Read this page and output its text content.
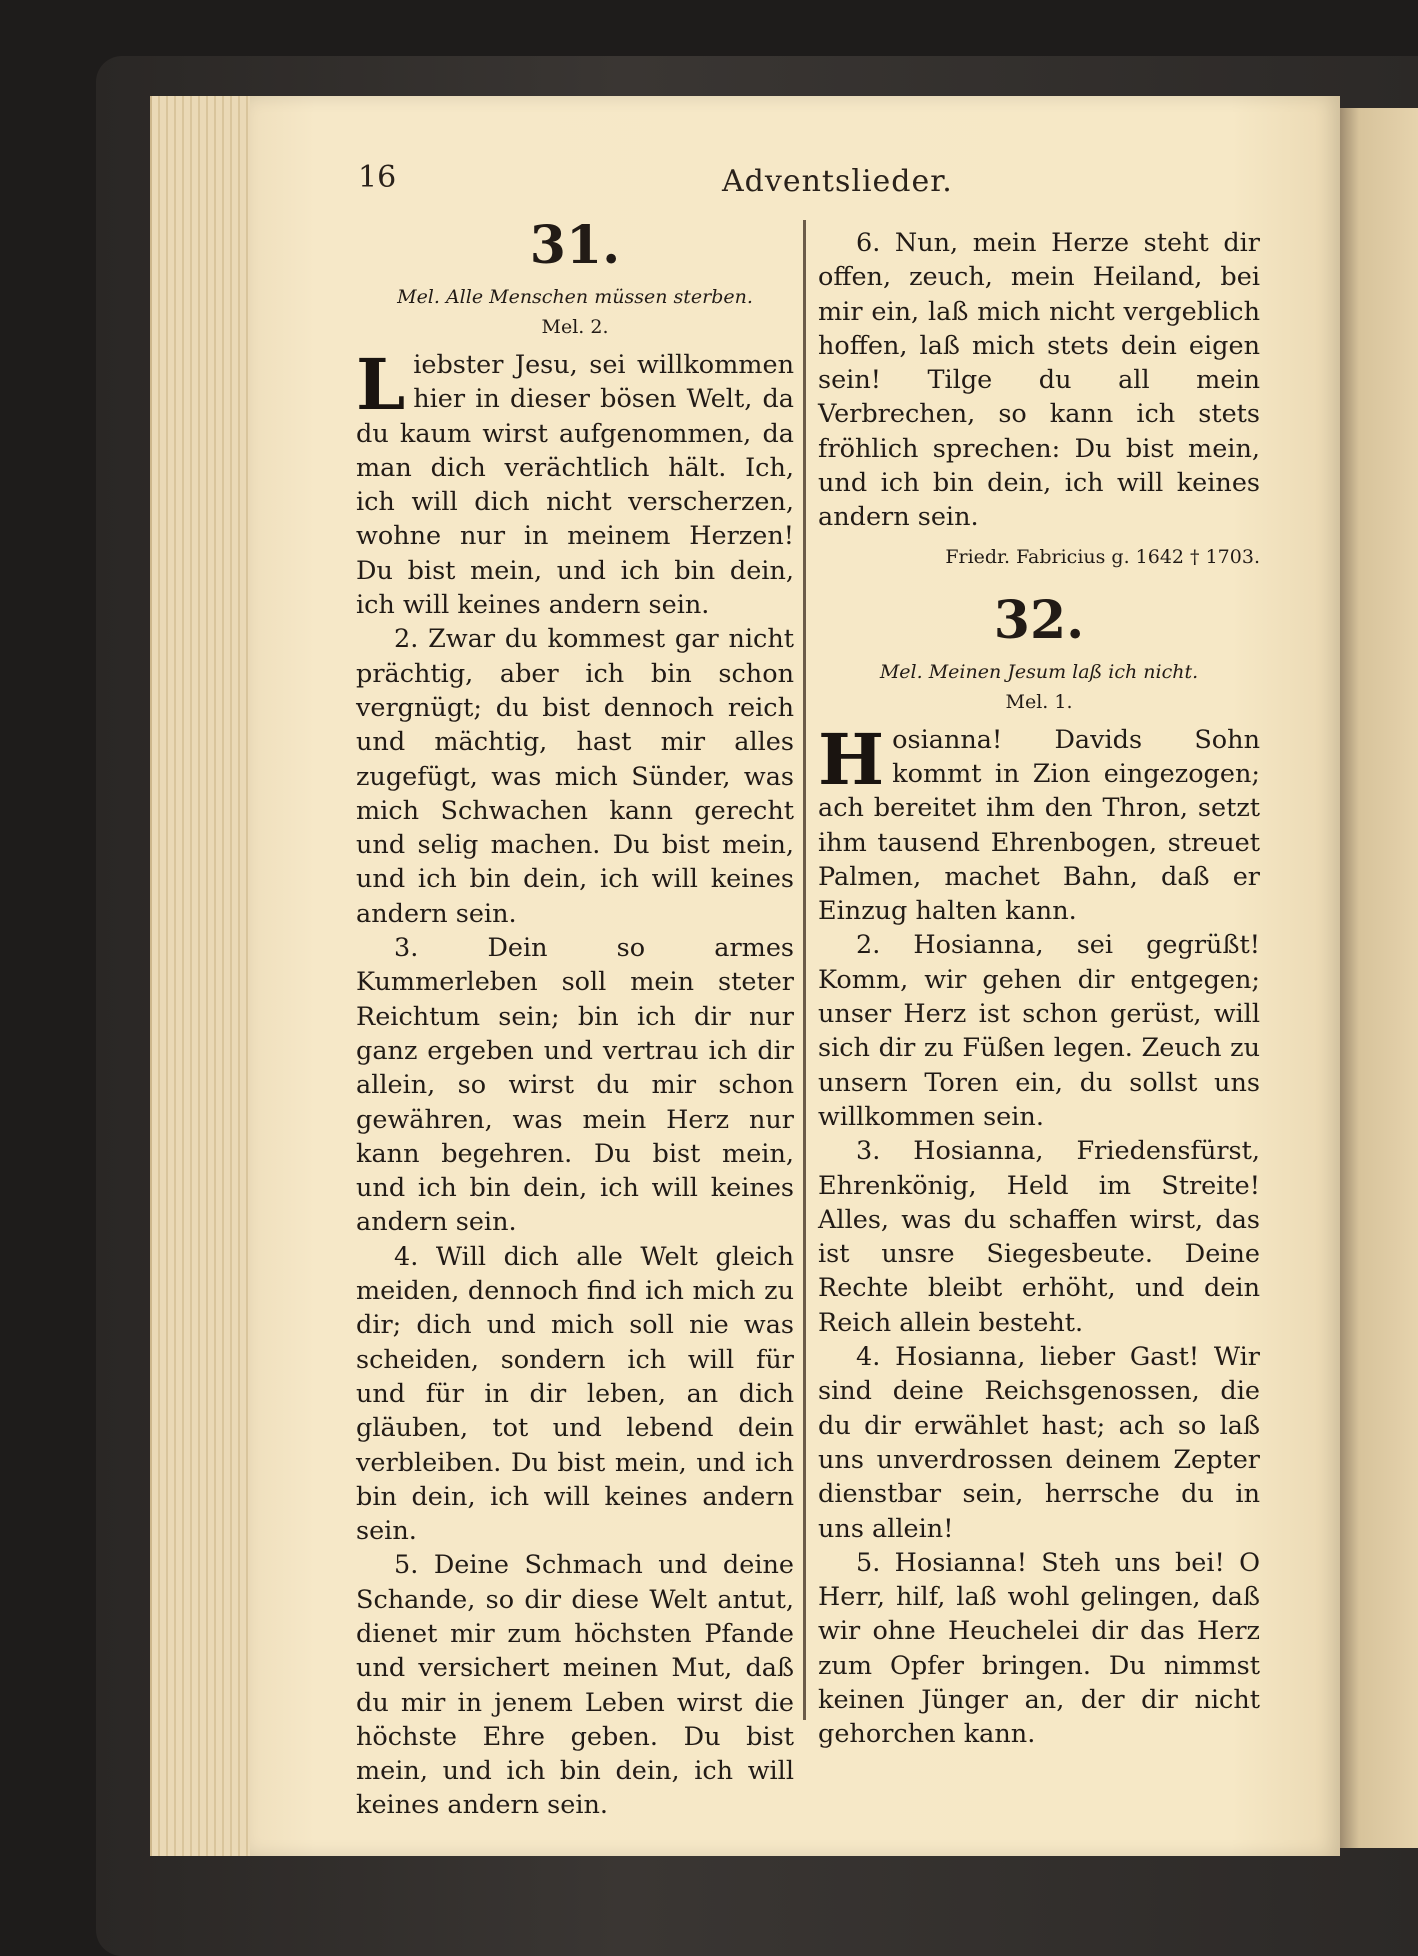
16	Adventslieder.

31.

Mel. Alle Menschen müssen sterben.

Mel. 2.

Liebster Jesu, sei willkommen hier in dieser bösen Welt, da du kaum wirst aufgenommen, da man dich verächtlich hält. Ich, ich will dich nicht verscherzen, wohne nur in meinem Herzen! Du bist mein, und ich bin dein, ich will keines andern sein.

2. Zwar du kommest gar nicht prächtig, aber ich bin schon vergnügt; du bist dennoch reich und mächtig, hast mir alles zugefügt, was mich Sünder, was mich Schwachen kann gerecht und selig machen. Du bist mein, und ich bin dein, ich will keines andern sein.

3. Dein so armes Kummerleben soll mein steter Reichtum sein; bin ich dir nur ganz ergeben und vertrau ich dir allein, so wirst du mir schon gewähren, was mein Herz nur kann begehren. Du bist mein, und ich bin dein, ich will keines andern sein.

4. Will dich alle Welt gleich meiden, dennoch find ich mich zu dir; dich und mich soll nie was scheiden, sondern ich will für und für in dir leben, an dich gläuben, tot und lebend dein verbleiben. Du bist mein, und ich bin dein, ich will keines andern sein.

5. Deine Schmach und deine Schande, so dir diese Welt antut, dienet mir zum höchsten Pfande und versichert meinen Mut, daß du mir in jenem Leben wirst die höchste Ehre geben. Du bist mein, und ich bin dein, ich will keines andern sein.

6. Nun, mein Herze steht dir offen, zeuch, mein Heiland, bei mir ein, laß mich nicht vergeblich hoffen, laß mich stets dein eigen sein! Tilge du all mein Verbrechen, so kann ich stets fröhlich sprechen: Du bist mein, und ich bin dein, ich will keines andern sein.

Friedr. Fabricius g. 1642 † 1703.

32.

Mel. Meinen Jesum laß ich nicht.

Mel. 1.

Hosianna! Davids Sohn kommt in Zion eingezogen; ach bereitet ihm den Thron, setzt ihm tausend Ehrenbogen, streuet Palmen, machet Bahn, daß er Einzug halten kann.

2. Hosianna, sei gegrüßt! Komm, wir gehen dir entgegen; unser Herz ist schon gerüst, will sich dir zu Füßen legen. Zeuch zu unsern Toren ein, du sollst uns willkommen sein.

3. Hosianna, Friedensfürst, Ehrenkönig, Held im Streite! Alles, was du schaffen wirst, das ist unsre Siegesbeute. Deine Rechte bleibt erhöht, und dein Reich allein besteht.

4. Hosianna, lieber Gast! Wir sind deine Reichsgenossen, die du dir erwählet hast; ach so laß uns unverdrossen deinem Zepter dienstbar sein, herrsche du in uns allein!

5. Hosianna! Steh uns bei! O Herr, hilf, laß wohl gelingen, daß wir ohne Heuchelei dir das Herz zum Opfer bringen. Du nimmst keinen Jünger an, der dir nicht gehorchen kann.
